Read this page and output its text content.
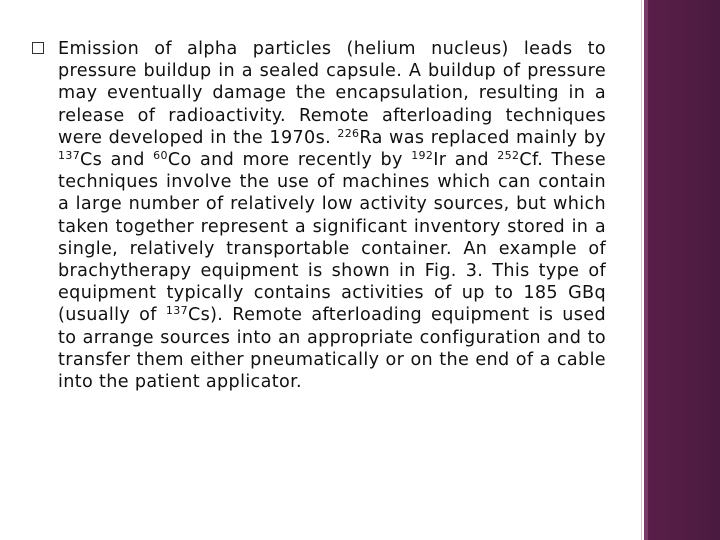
Emission of alpha particles (helium nucleus) leads to pressure buildup in a sealed capsule. A buildup of pressure may eventually damage the encapsulation, resulting in a release of radioactivity. Remote afterloading techniques were developed in the 1970s. $^{226}$Ra was replaced mainly by $^{137}$Cs and $^{60}$Co and more recently by $^{192}$Ir and $^{252}$Cf. These techniques involve the use of machines which can contain a large number of relatively low activity sources, but which taken together represent a significant inventory stored in a single, relatively transportable container. An example of brachytherapy equipment is shown in Fig. 3. This type of equipment typically contains activities of up to 185 GBq (usually of $^{137}$Cs). Remote afterloading equipment is used to arrange sources into an appropriate configuration and to transfer them either pneumatically or on the end of a cable into the patient applicator.
